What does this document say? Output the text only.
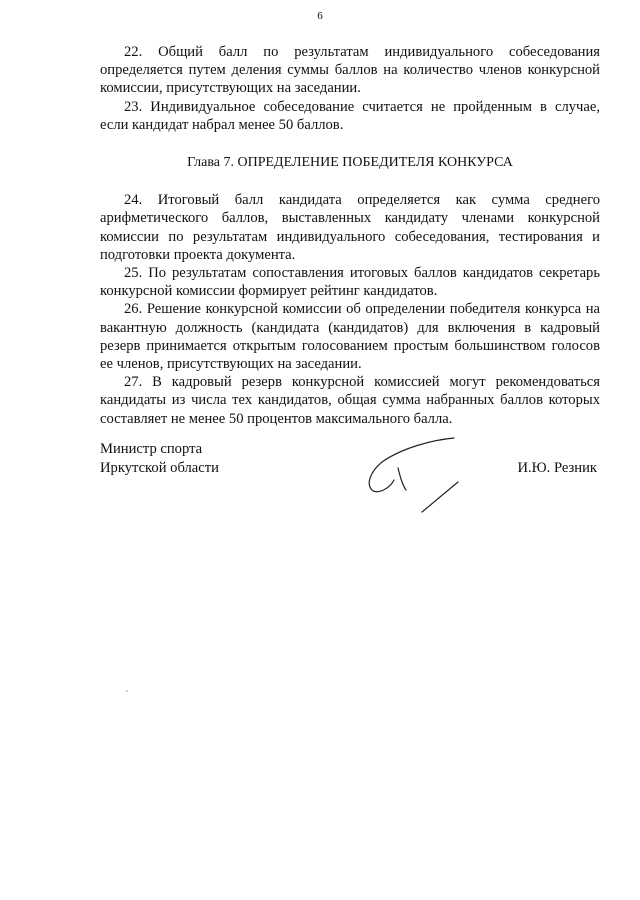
6

22. Общий балл по результатам индивидуального собеседования определяется путем деления суммы баллов на количество членов конкурсной комиссии, присутствующих на заседании.

23. Индивидуальное собеседование считается не пройденным в случае, если кандидат набрал менее 50 баллов.

Глава 7. ОПРЕДЕЛЕНИЕ ПОБЕДИТЕЛЯ КОНКУРСА

24. Итоговый балл кандидата определяется как сумма среднего арифметического баллов, выставленных кандидату членами конкурсной комиссии по результатам индивидуального собеседования, тестирования и подготовки проекта документа.

25. По результатам сопоставления итоговых баллов кандидатов секретарь конкурсной комиссии формирует рейтинг кандидатов.

26. Решение конкурсной комиссии об определении победителя конкурса на вакантную должность (кандидата (кандидатов) для включения в кадровый резерв принимается открытым голосованием простым большинством голосов ее членов, присутствующих на заседании.

27. В кадровый резерв конкурсной комиссией могут рекомендоваться кандидаты из числа тех кандидатов, общая сумма набранных баллов которых составляет не менее 50 процентов максимального балла.

Министр спорта
Иркутской области	И.Ю. Резник
